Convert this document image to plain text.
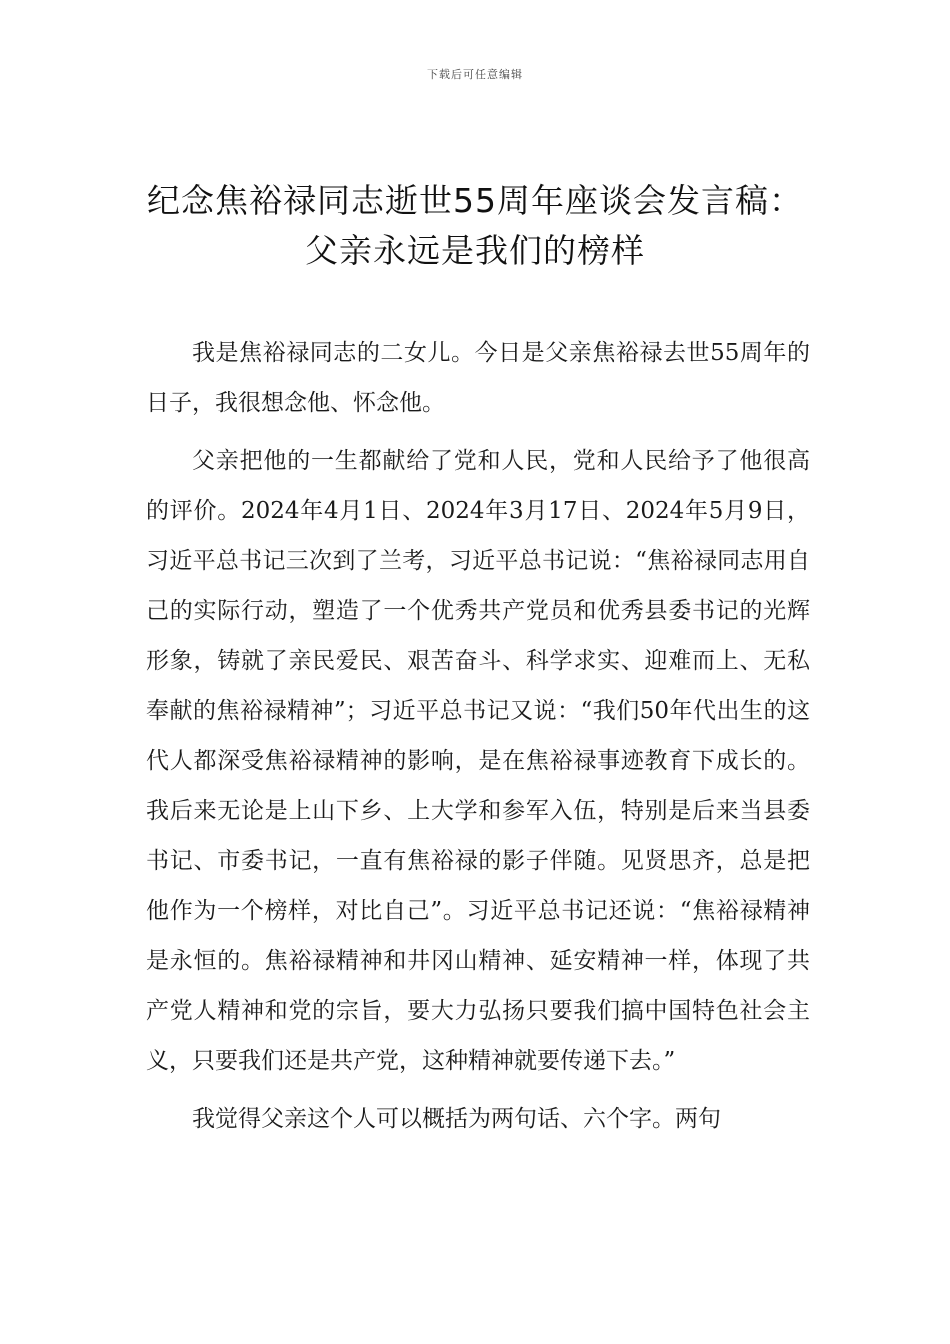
下载后可任意编辑
纪念焦裕禄同志逝世55周年座谈会发言稿：
父亲永远是我们的榜样

我是焦裕禄同志的二女儿。今日是父亲焦裕禄去世55周年的日子，我很想念他、怀念他。

父亲把他的一生都献给了党和人民，党和人民给予了他很高的评价。2024年4月1日、2024年3月17日、2024年5月9日，习近平总书记三次到了兰考，习近平总书记说：“焦裕禄同志用自己的实际行动，塑造了一个优秀共产党员和优秀县委书记的光辉形象，铸就了亲民爱民、艰苦奋斗、科学求实、迎难而上、无私奉献的焦裕禄精神”；习近平总书记又说：“我们50年代出生的这代人都深受焦裕禄精神的影响，是在焦裕禄事迹教育下成长的。我后来无论是上山下乡、上大学和参军入伍，特别是后来当县委书记、市委书记，一直有焦裕禄的影子伴随。见贤思齐，总是把他作为一个榜样，对比自己”。习近平总书记还说：“焦裕禄精神是永恒的。焦裕禄精神和井冈山精神、延安精神一样，体现了共产党人精神和党的宗旨，要大力弘扬只要我们搞中国特色社会主义，只要我们还是共产党，这种精神就要传递下去。”

我觉得父亲这个人可以概括为两句话、六个字。两句
